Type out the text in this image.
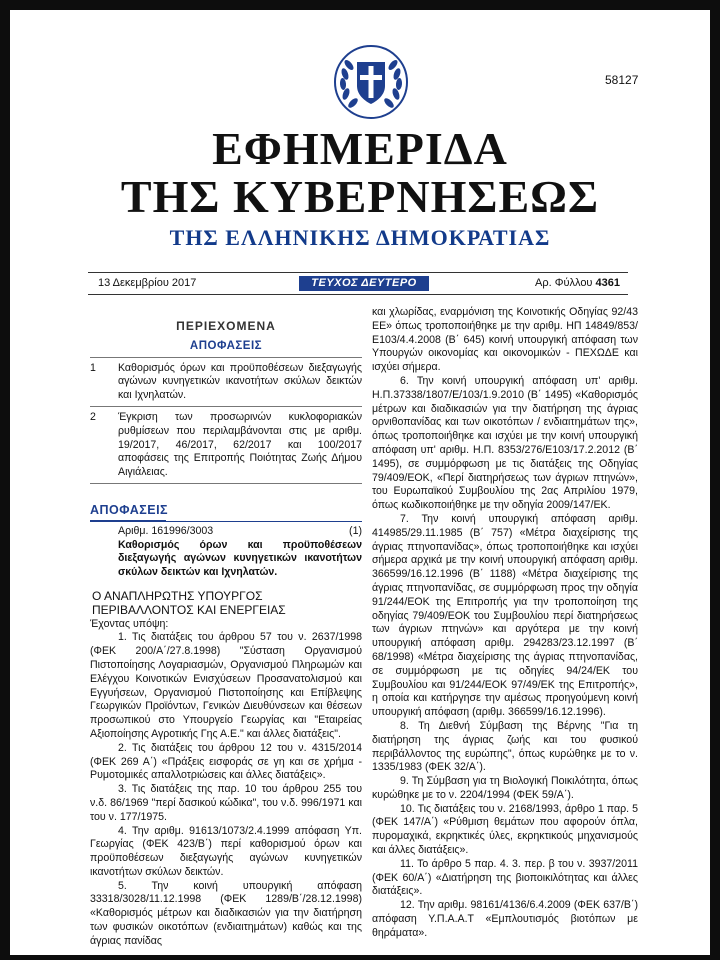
58127
ΕΦΗΜΕΡΙΔΑ
ΤΗΣ ΚΥΒΕΡΝΗΣΕΩΣ
ΤΗΣ ΕΛΛΗΝΙΚΗΣ ΔΗΜΟΚΡΑΤΙΑΣ
13 Δεκεμβρίου 2017	ΤΕΥΧΟΣ ΔΕΥΤΕΡΟ	Αρ. Φύλλου 4361
ΠΕΡΙΕΧΟΜΕΝΑ
ΑΠΟΦΑΣΕΙΣ
1	Καθορισμός όρων και προϋποθέσεων διεξαγωγής αγώνων κυνηγετικών ικανοτήτων σκύλων δεικτών και Ιχνηλατών.

2	Έγκριση των προσωρινών κυκλοφοριακών ρυθμίσεων που περιλαμβάνονται στις με αριθμ. 19/2017, 46/2017, 62/2017 και 100/2017 αποφάσεις της Επιτροπής Ποιότητας Ζωής Δήμου Αιγιάλειας.

ΑΠΟΦΑΣΕΙΣ
Αριθμ. 161996/3003	(1)

Καθορισμός όρων και προϋποθέσεων διεξαγωγής αγώνων κυνηγετικών ικανοτήτων σκύλων δεικτών και Ιχνηλατών.

Ο ΑΝΑΠΛΗΡΩΤΗΣ ΥΠΟΥΡΓΟΣ ΠΕΡΙΒΑΛΛΟΝΤΟΣ ΚΑΙ ΕΝΕΡΓΕΙΑΣ

Έχοντας υπόψη:

1. Τις διατάξεις του άρθρου 57 του ν. 2637/1998 (ΦΕΚ 200/Α΄/27.8.1998) "Σύσταση Οργανισμού Πιστοποίησης Λογαριασμών, Οργανισμού Πληρωμών και Ελέγχου Κοινοτικών Ενισχύσεων Προσανατολισμού και Εγγυήσεων, Οργανισμού Πιστοποίησης και Επίβλεψης Γεωργικών Προϊόντων, Γενικών Διευθύνσεων και θέσεων προσωπικού στο Υπουργείο Γεωργίας και "Εταιρείας Αξιοποίησης Αγροτικής Γης Α.Ε." και άλλες διατάξεις".

2. Τις διατάξεις του άρθρου 12 του ν. 4315/2014 (ΦΕΚ 269 Α΄) «Πράξεις εισφοράς σε γη και σε χρήμα - Ρυμοτομικές απαλλοτριώσεις και άλλες διατάξεις».

3. Τις διατάξεις της παρ. 10 του άρθρου 255 του ν.δ. 86/1969 "περί δασικού κώδικα", του ν.δ. 996/1971 και του ν. 177/1975.

4. Την αριθμ. 91613/1073/2.4.1999 απόφαση Υπ. Γεωργίας (ΦΕΚ 423/Β΄) περί καθορισμού όρων και προϋποθέσεων διεξαγωγής αγώνων κυνηγετικών ικανοτήτων σκύλων δεικτών.

5. Την κοινή υπουργική απόφαση 33318/3028/11.12.1998 (ΦΕΚ 1289/Β΄/28.12.1998) «Καθορισμός μέτρων και διαδικασιών για την διατήρηση των φυσικών οικοτόπων (ενδιαιτημάτων) καθώς και της άγριας πανίδας

και χλωρίδας, εναρμόνιση της Κοινοτικής Οδηγίας 92/43 ΕΕ» όπως τροποποιήθηκε με την αριθμ. ΗΠ 14849/853/Ε103/4.4.2008 (Β΄ 645) κοινή υπουργική απόφαση των Υπουργών οικονομίας και οικονομικών - ΠΕΧΩΔΕ και ισχύει σήμερα.

6. Την κοινή υπουργική απόφαση υπ' αριθμ. Η.Π.37338/1807/Ε/103/1.9.2010 (Β΄ 1495) «Καθορισμός μέτρων και διαδικασιών για την διατήρηση της άγριας ορνιθοπανίδας και των οικοτόπων / ενδιαιτημάτων της», όπως τροποποιήθηκε και ισχύει με την κοινή υπουργική απόφαση υπ' αριθμ. Η.Π. 8353/276/Ε103/17.2.2012 (Β΄ 1495), σε συμμόρφωση με τις διατάξεις της Οδηγίας 79/409/ΕΟΚ, «Περί διατηρήσεως των άγριων πτηνών», του Ευρωπαϊκού Συμβουλίου της 2ας Απριλίου 1979, όπως κωδικοποιήθηκε με την οδηγία 2009/147/ΕΚ.

7. Την κοινή υπουργική απόφαση αριθμ. 414985/29.11.1985 (Β΄ 757) «Μέτρα διαχείρισης της άγριας πτηνοπανίδας», όπως τροποποιήθηκε και ισχύει σήμερα αρχικά με την κοινή υπουργική απόφαση αριθμ. 366599/16.12.1996 (Β΄ 1188) «Μέτρα διαχείρισης της άγριας πτηνοπανίδας, σε συμμόρφωση προς την οδηγία 91/244/ΕΟΚ της Επιτροπής για την τροποποίηση της οδηγίας 79/409/ΕΟΚ του Συμβουλίου περί διατηρήσεως των άγριων πτηνών» και αργότερα με την κοινή υπουργική απόφαση αριθμ. 294283/23.12.1997 (Β΄ 68/1998) «Μέτρα διαχείρισης της άγριας πτηνοπανίδας, σε συμμόρφωση με τις οδηγίες 94/24/ΕΚ του Συμβουλίου και 91/244/ΕΟΚ 97/49/ΕΚ της Επιτροπής», η οποία και κατήργησε την αμέσως προηγούμενη κοινή υπουργική απόφαση (αριθμ. 366599/16.12.1996).

8. Τη Διεθνή Σύμβαση της Βέρνης "Για τη διατήρηση της άγριας ζωής και του φυσικού περιβάλλοντος της ευρώπης", όπως κυρώθηκε με το ν. 1335/1983 (ΦΕΚ 32/Α΄).

9. Τη Σύμβαση για τη Βιολογική Ποικιλότητα, όπως κυρώθηκε με το ν. 2204/1994 (ΦΕΚ 59/Α΄).

10. Τις διατάξεις του ν. 2168/1993, άρθρο 1 παρ. 5 (ΦΕΚ 147/Α΄) «Ρύθμιση θεμάτων που αφορούν όπλα, πυρομαχικά, εκρηκτικές ύλες, εκρηκτικούς μηχανισμούς και άλλες διατάξεις».

11. Το άρθρο 5 παρ. 4. 3. περ. β του ν. 3937/2011 (ΦΕΚ 60/Α΄) «Διατήρηση της βιοποικιλότητας και άλλες διατάξεις».

12. Την αριθμ. 98161/4136/6.4.2009 (ΦΕΚ 637/Β΄) απόφαση Υ.Π.Α.Α.Τ «Εμπλουτισμός βιοτόπων με θηράματα».
